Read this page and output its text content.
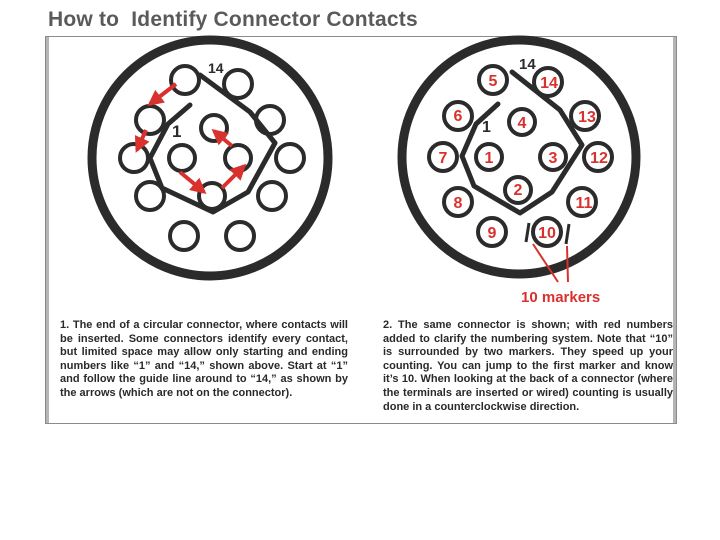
How to  Identify Connector Contacts
1
14
1
2
3
4
5
6
7
8
9	10
11
12
13
14
1
14
10 markers
1. The end of a circular connector, where contacts will be inserted. Some connectors identify every contact, but limited space may allow only starting and ending numbers like “1” and “14,” shown above. Start at “1” and follow the guide line around to “14,” as shown by the arrows (which are not on the connector).
2. The same connector is shown; with red numbers added to clarify the numbering system. Note that “10” is surrounded by two markers. They speed up your counting. You can jump to the first marker and know it’s 10. When looking at the back of a connector (where the terminals are inserted or wired) counting is usually done in a counterclockwise direction.
